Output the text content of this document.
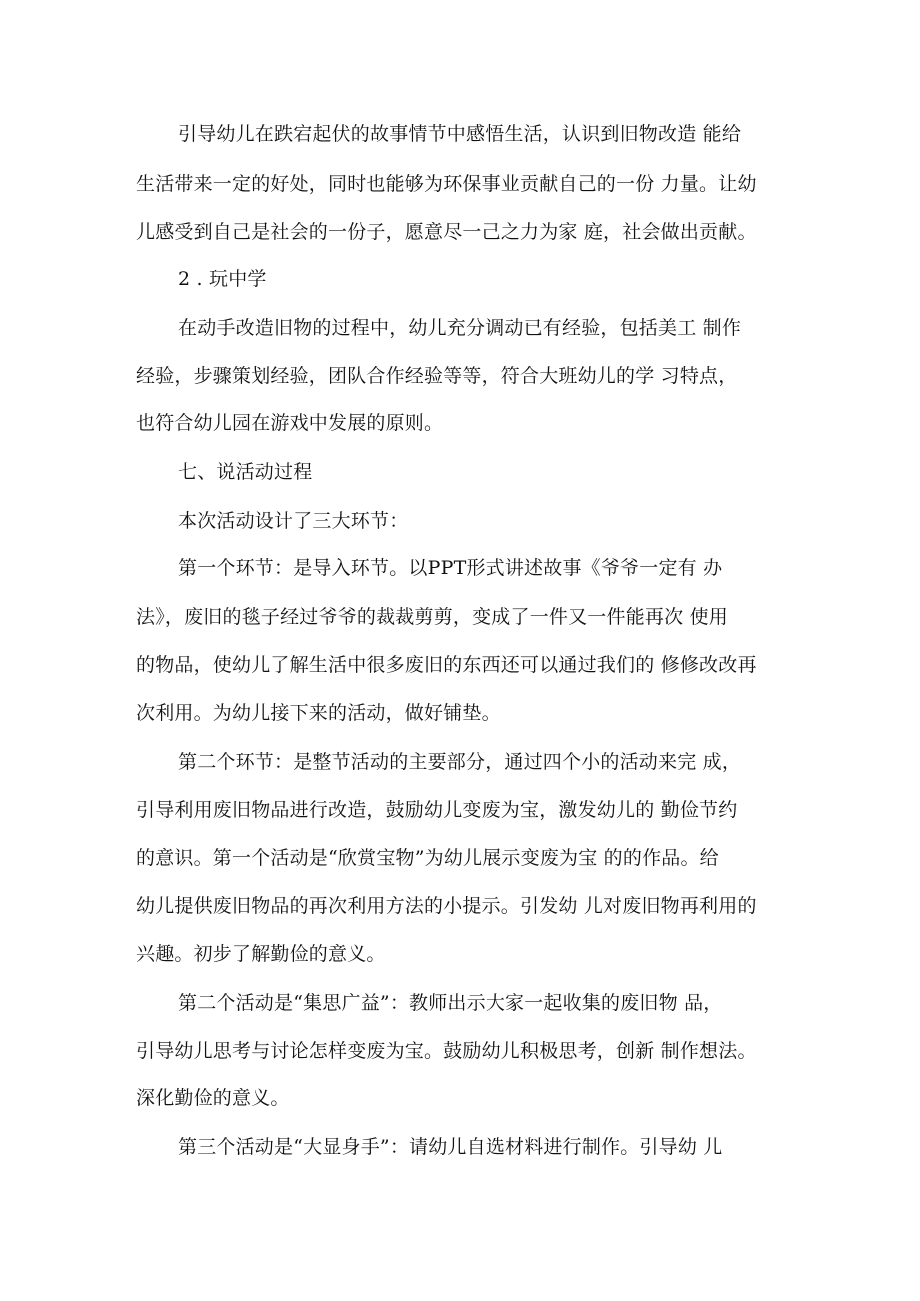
引导幼儿在跌宕起伏的故事情节中感悟生活，认识到旧物改造 能给
生活带来一定的好处，同时也能够为环保事业贡献自己的一份 力量。让幼
儿感受到自己是社会的一份子，愿意尽一己之力为家 庭，社会做出贡献。
2 . 玩中学
在动手改造旧物的过程中，幼儿充分调动已有经验，包括美工 制作
经验，步骤策划经验，团队合作经验等等，符合大班幼儿的学 习特点，
也符合幼儿园在游戏中发展的原则。
七、说活动过程
本次活动设计了三大环节：
第一个环节：是导入环节。以PPT形式讲述故事《爷爷一定有 办
法》，废旧的毯子经过爷爷的裁裁剪剪，变成了一件又一件能再次 使用
的物品，使幼儿了解生活中很多废旧的东西还可以通过我们的 修修改改再
次利用。为幼儿接下来的活动，做好铺垫。
第二个环节：是整节活动的主要部分，通过四个小的活动来完 成，
引导利用废旧物品进行改造，鼓励幼儿变废为宝，激发幼儿的 勤俭节约
的意识。第一个活动是“欣赏宝物”为幼儿展示变废为宝 的的作品。给
幼儿提供废旧物品的再次利用方法的小提示。引发幼 儿对废旧物再利用的
兴趣。初步了解勤俭的意义。
第二个活动是“集思广益”：教师出示大家一起收集的废旧物 品，
引导幼儿思考与讨论怎样变废为宝。鼓励幼儿积极思考，创新 制作想法。
深化勤俭的意义。
第三个活动是“大显身手”：请幼儿自选材料进行制作。引导幼 儿
